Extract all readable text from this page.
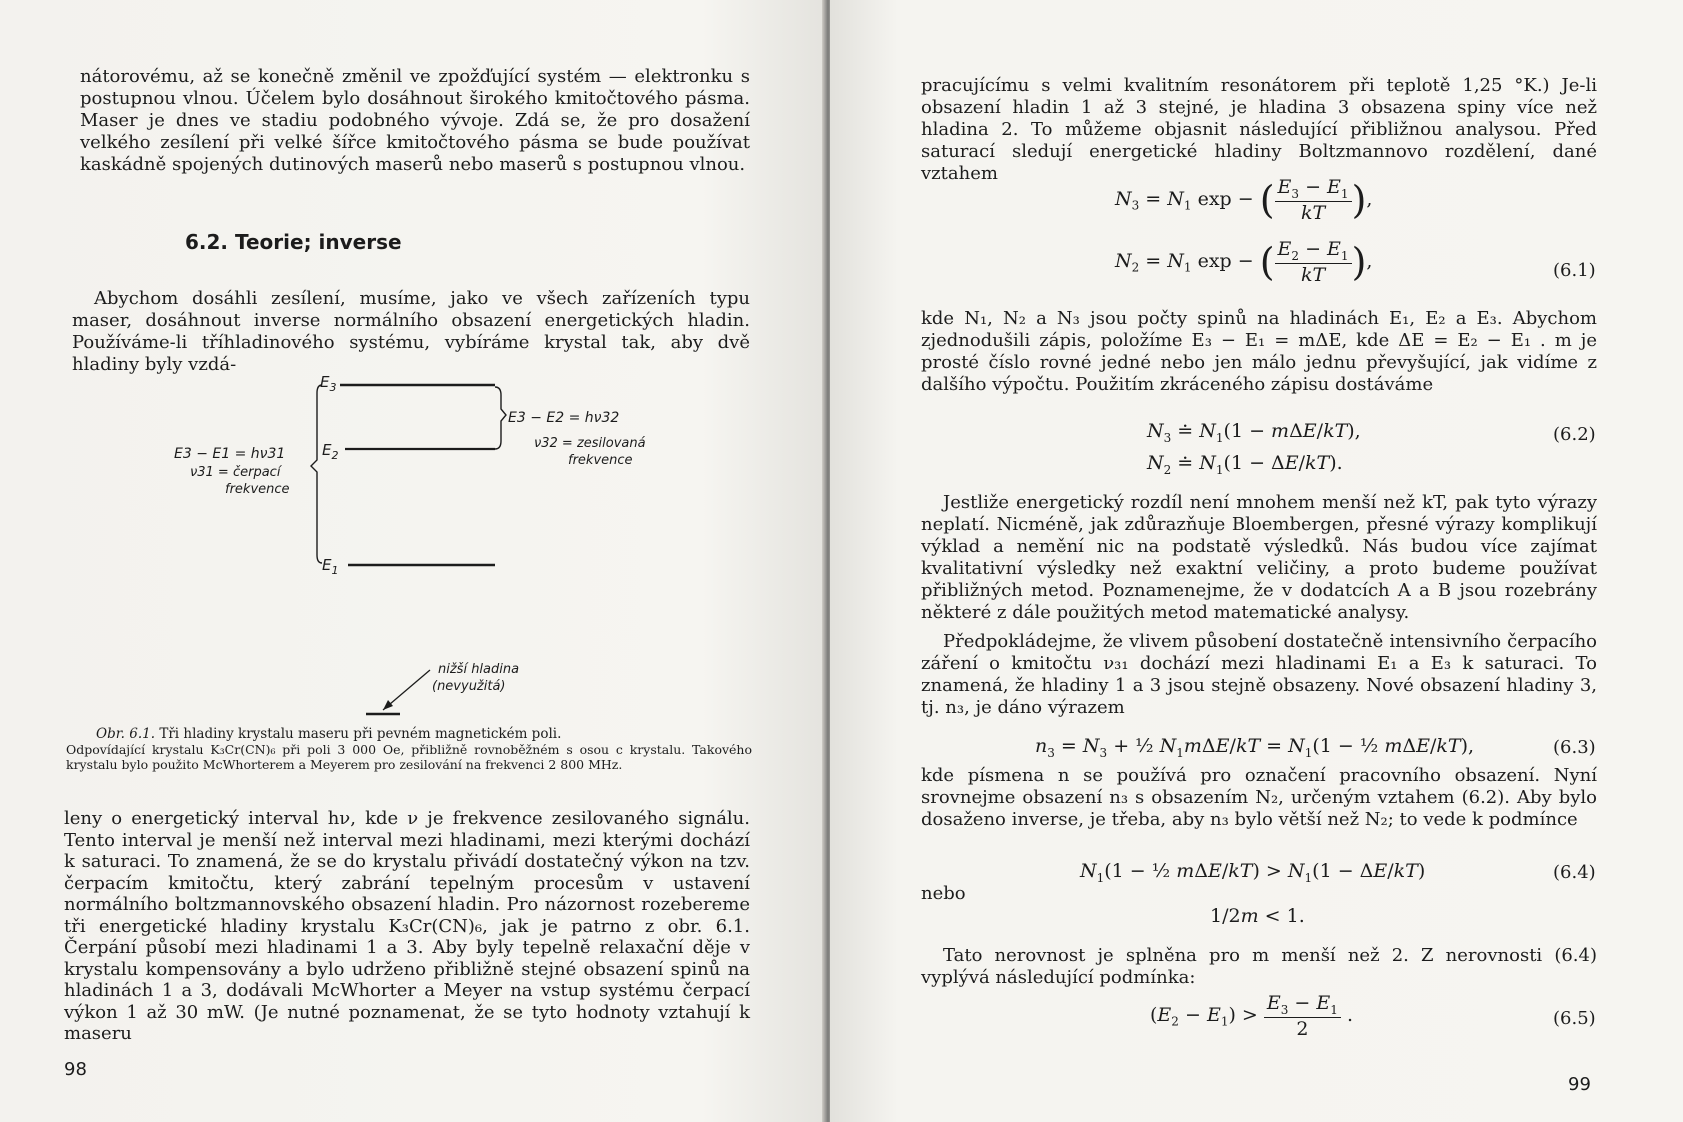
nátorovému, až se konečně změnil ve zpožďující systém — elektronku s postupnou vlnou. Účelem bylo dosáhnout širokého kmitočtového pásma. Maser je dnes ve stadiu podobného vývoje. Zdá se, že pro dosažení velkého zesílení při velké šířce kmitočtového pásma se bude používat kaskádně spojených dutinových maserů nebo maserů s postupnou vlnou.

6.2. Teorie; inverse

Abychom dosáhli zesílení, musíme, jako ve všech zařízeních typu maser, dosáhnout inverse normálního obsazení energetických hladin. Používáme-li tříhladinového systému, vybíráme krystal tak, aby dvě hladiny byly vzdá-

$E_3$
$E_2$
$E_1$
E3 − E2 = hν32
ν32 = zesilovaná
frekvence
E3 − E1 = hν31
ν31 = čerpací
frekvence
nižší hladina
(nevyužitá)

Obr. 6.1. Tři hladiny krystalu maseru při pevném magnetickém poli.

Odpovídající krystalu K₃Cr(CN)₆ při poli 3 000 Oe, přibližně rovnoběžném s osou c krystalu. Takového krystalu bylo použito McWhorterem a Meyerem pro zesilování na frekvenci 2 800 MHz.

leny o energetický interval hν, kde ν je frekvence zesilovaného signálu. Tento interval je menší než interval mezi hladinami, mezi kterými dochází k saturaci. To znamená, že se do krystalu přivádí dostatečný výkon na tzv. čerpacím kmitočtu, který zabrání tepelným procesům v ustavení normálního boltzmannovského obsazení hladin. Pro názornost rozebereme tři energetické hladiny krystalu K₃Cr(CN)₆, jak je patrno z obr. 6.1. Čerpání působí mezi hladinami 1 a 3. Aby byly tepelně relaxační děje v krystalu kompensovány a bylo udrženo přibližně stejné obsazení spinů na hladinách 1 a 3, dodávali McWhorter a Meyer na vstup systému čerpací výkon 1 až 30 mW. (Je nutné poznamenat, že se tyto hodnoty vztahují k maseru

98

pracujícímu s velmi kvalitním resonátorem při teplotě 1,25 °K.) Je-li obsazení hladin 1 až 3 stejné, je hladina 3 obsazena spiny více než hladina 2. To můžeme objasnit následující přibližnou analysou. Před saturací sledují energetické hladiny Boltzmannovo rozdělení, dané vztahem

$N_3 = N_1$ exp − ( $\frac{E_3 - E_1}{kT}$ ),
$N_2 = N_1$ exp − ( $\frac{E_2 - E_1}{kT}$ ),	(6.1)

kde N₁, N₂ a N₃ jsou počty spinů na hladinách E₁, E₂ a E₃. Abychom zjednodušili zápis, položíme E₃ − E₁ = mΔE, kde ΔE = E₂ − E₁ . m je prosté číslo rovné jedné nebo jen málo jednu převyšující, jak vidíme z dalšího výpočtu. Použitím zkráceného zápisu dostáváme

$N_3$ ≐ $N_1(1 - m\Delta E/kT)$,
$N_2$ ≐ $N_1(1 - \Delta E/kT)$.
(6.2)

Jestliže energetický rozdíl není mnohem menší než kT, pak tyto výrazy neplatí. Nicméně, jak zdůrazňuje Bloembergen, přesné výrazy komplikují výklad a nemění nic na podstatě výsledků. Nás budou více zajímat kvalitativní výsledky než exaktní veličiny, a proto budeme používat přibližných metod. Poznamenejme, že v dodatcích A a B jsou rozebrány některé z dále použitých metod matematické analysy.

Předpokládejme, že vlivem působení dostatečně intensivního čerpacího záření o kmitočtu ν₃₁ dochází mezi hladinami E₁ a E₃ k saturaci. To znamená, že hladiny 1 a 3 jsou stejně obsazeny. Nové obsazení hladiny 3, tj. n₃, je dáno výrazem

$n_3 = N_3$ + ½ $N_1m\Delta E/kT = N_1(1$ − ½ mΔE/kT),	(6.3)

kde písmena n se používá pro označení pracovního obsazení. Nyní srovnejme obsazení n₃ s obsazením N₂, určeným vztahem (6.2). Aby bylo dosaženo inverse, je třeba, aby n₃ bylo větší než N₂; to vede k podmínce

$N_1(1$ − ½ $m\Delta E/kT) > N_1(1 - \Delta E/kT)$	(6.4)
nebo
1/2m < 1.

Tato nerovnost je splněna pro m menší než 2. Z nerovnosti (6.4) vyplývá následující podmínka:

$(E_2 - E_1) > \frac{E_3 - E_1}{2}$ .	(6.5)
99
